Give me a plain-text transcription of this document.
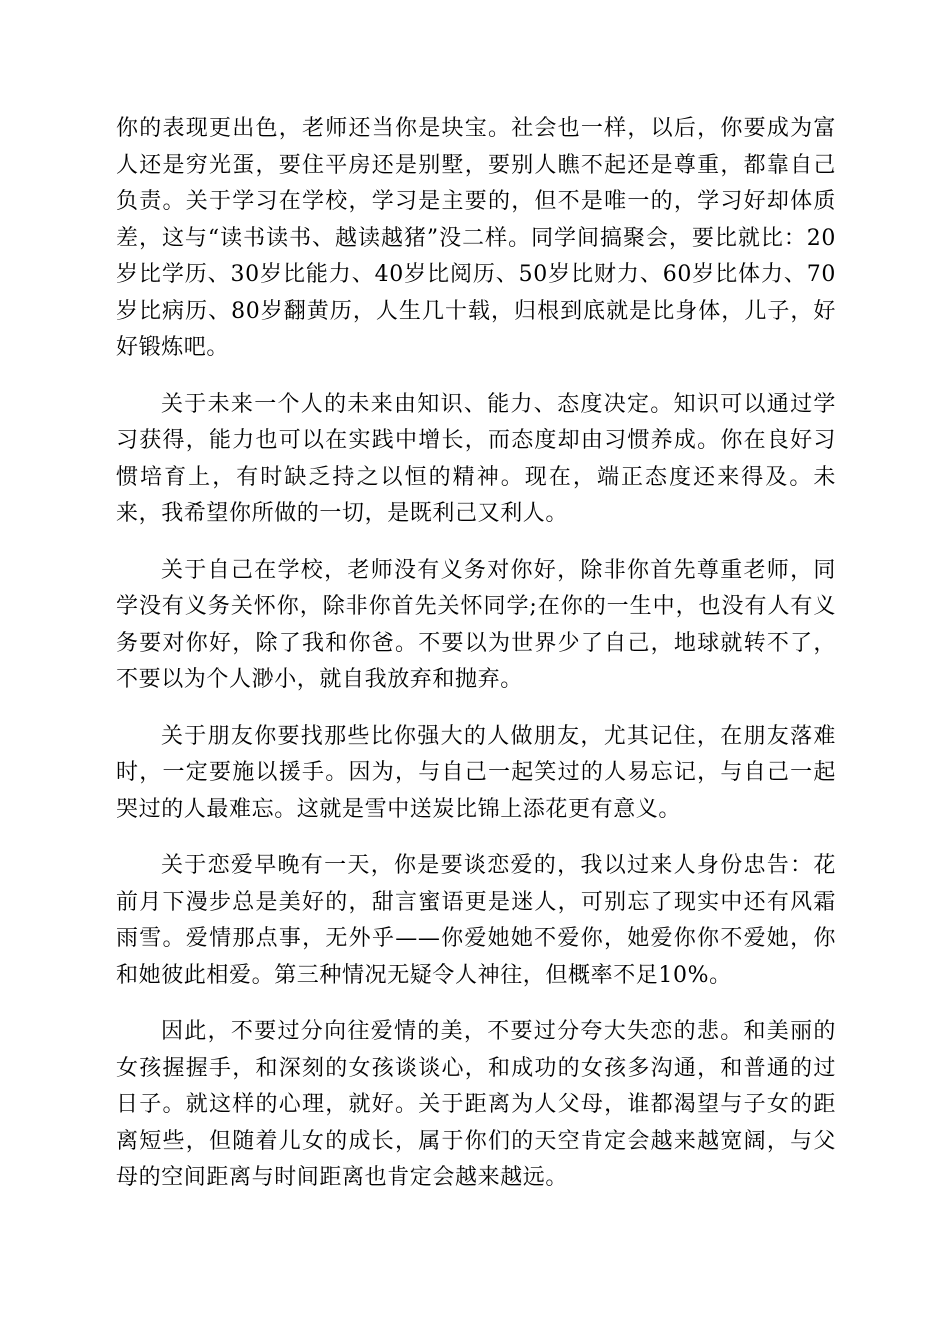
你的表现更出色，老师还当你是块宝。社会也一样，以后，你要成为富人还是穷光蛋，要住平房还是别墅，要别人瞧不起还是尊重，都靠自己负责。关于学习在学校，学习是主要的，但不是唯一的，学习好却体质差，这与“读书读书、越读越猪”没二样。同学间搞聚会，要比就比：20岁比学历、30岁比能力、40岁比阅历、50岁比财力、60岁比体力、70岁比病历、80岁翻黄历，人生几十载，归根到底就是比身体，儿子，好好锻炼吧。

关于未来一个人的未来由知识、能力、态度决定。知识可以通过学习获得，能力也可以在实践中增长，而态度却由习惯养成。你在良好习惯培育上，有时缺乏持之以恒的精神。现在，端正态度还来得及。未来，我希望你所做的一切，是既利己又利人。

关于自己在学校，老师没有义务对你好，除非你首先尊重老师，同学没有义务关怀你，除非你首先关怀同学;在你的一生中，也没有人有义务要对你好，除了我和你爸。不要以为世界少了自己，地球就转不了，不要以为个人渺小，就自我放弃和抛弃。

关于朋友你要找那些比你强大的人做朋友，尤其记住，在朋友落难时，一定要施以援手。因为，与自己一起笑过的人易忘记，与自己一起哭过的人最难忘。这就是雪中送炭比锦上添花更有意义。

关于恋爱早晚有一天，你是要谈恋爱的，我以过来人身份忠告：花前月下漫步总是美好的，甜言蜜语更是迷人，可别忘了现实中还有风霜雨雪。爱情那点事，无外乎——你爱她她不爱你，她爱你你不爱她，你和她彼此相爱。第三种情况无疑令人神往，但概率不足10%。

因此，不要过分向往爱情的美，不要过分夸大失恋的悲。和美丽的女孩握握手，和深刻的女孩谈谈心，和成功的女孩多沟通，和普通的过日子。就这样的心理，就好。关于距离为人父母，谁都渴望与子女的距离短些，但随着儿女的成长，属于你们的天空肯定会越来越宽阔，与父母的空间距离与时间距离也肯定会越来越远。
